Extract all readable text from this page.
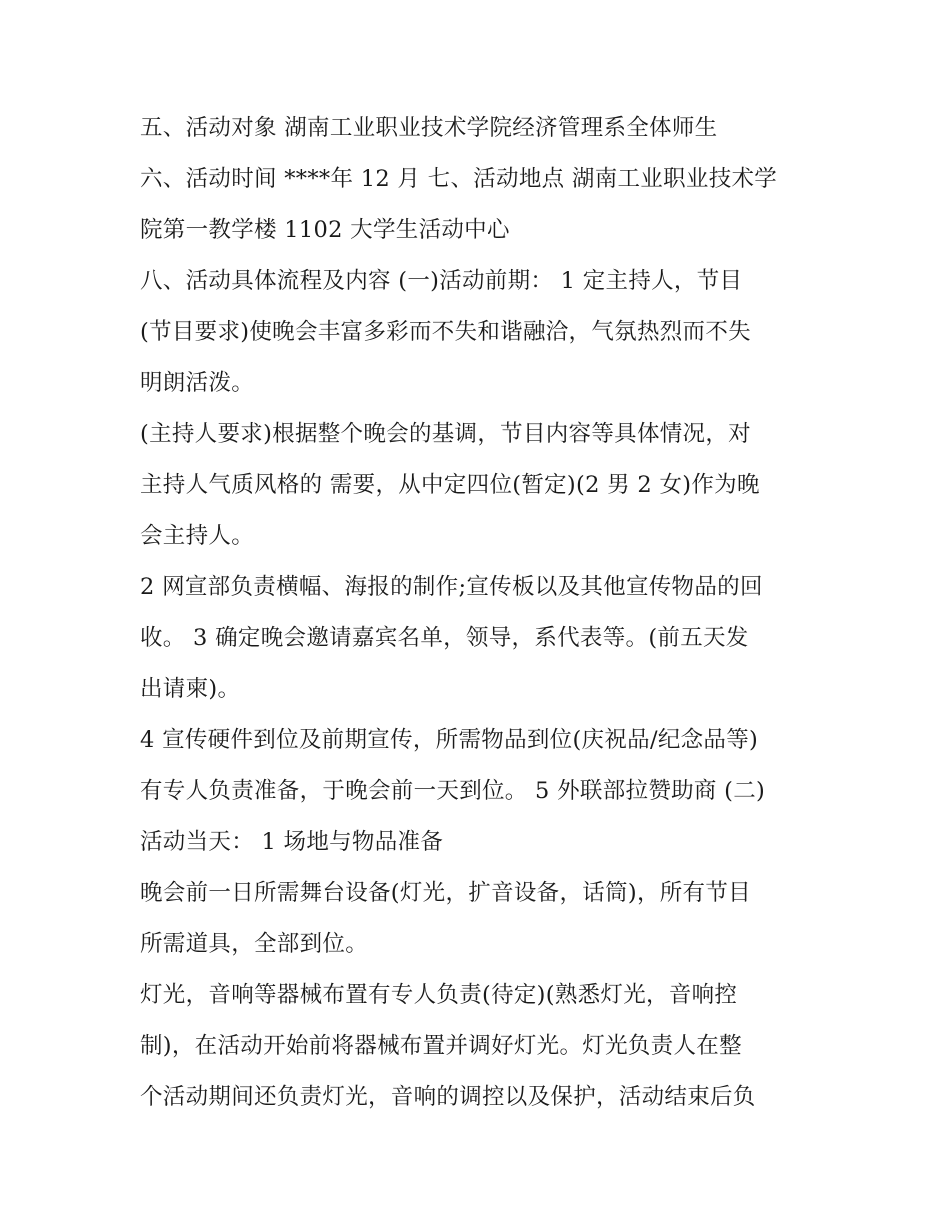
五、活动对象 湖南工业职业技术学院经济管理系全体师生
六、活动时间 ****年 12 月 七、活动地点 湖南工业职业技术学
院第一教学楼 1102 大学生活动中心
八、活动具体流程及内容 (一)活动前期： 1 定主持人，节目
(节目要求)使晚会丰富多彩而不失和谐融洽，气氛热烈而不失
明朗活泼。
(主持人要求)根据整个晚会的基调，节目内容等具体情况，对
主持人气质风格的 需要，从中定四位(暂定)(2 男 2 女)作为晚
会主持人。
2 网宣部负责横幅、海报的制作;宣传板以及其他宣传物品的回
收。 3 确定晚会邀请嘉宾名单，领导，系代表等。(前五天发
出请柬)。
4 宣传硬件到位及前期宣传，所需物品到位(庆祝品/纪念品等)
有专人负责准备，于晚会前一天到位。 5 外联部拉赞助商 (二)
活动当天： 1 场地与物品准备
晚会前一日所需舞台设备(灯光，扩音设备，话筒)，所有节目
所需道具，全部到位。
灯光，音响等器械布置有专人负责(待定)(熟悉灯光，音响控
制)，在活动开始前将器械布置并调好灯光。灯光负责人在整
个活动期间还负责灯光，音响的调控以及保护，活动结束后负
